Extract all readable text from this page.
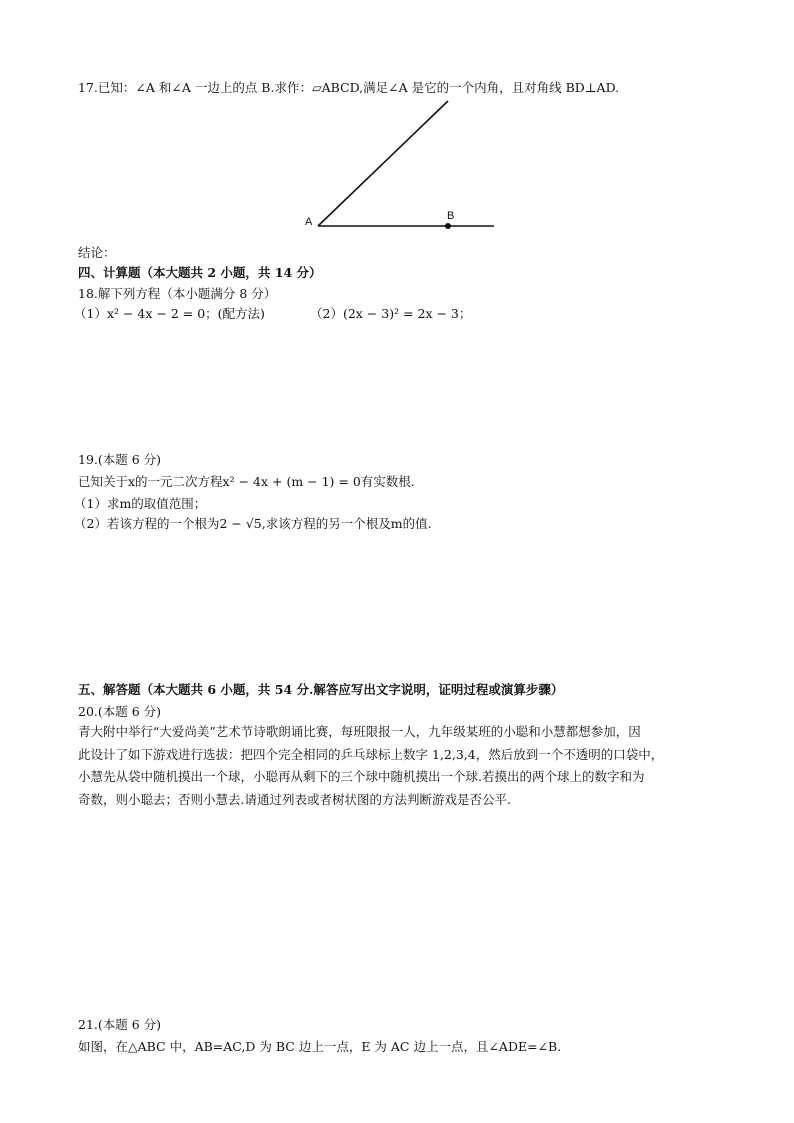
17.已知：∠A 和∠A 一边上的点 B.求作：▱ABCD,满足∠A 是它的一个内角，且对角线 BD⊥AD.
A	B
结论：
四、计算题（本大题共 2 小题，共 14 分）
18.解下列方程（本小题满分 8 分）
（1）x² − 4x − 2 = 0；(配方法)	（2）(2x − 3)² = 2x − 3；
19.(本题 6 分)
已知关于x的一元二次方程x² − 4x + (m − 1) = 0有实数根.
（1）求m的取值范围；
（2）若该方程的一个根为2 − √5,求该方程的另一个根及m的值.
五、解答题（本大题共 6 小题，共 54 分.解答应写出文字说明，证明过程或演算步骤）
20.(本题 6 分)
青大附中举行“大爱尚美”艺术节诗歌朗诵比赛，每班限报一人，九年级某班的小聪和小慧都想参加，因
此设计了如下游戏进行选拔：把四个完全相同的乒乓球标上数字 1,2,3,4，然后放到一个不透明的口袋中，
小慧先从袋中随机摸出一个球，小聪再从剩下的三个球中随机摸出一个球.若摸出的两个球上的数字和为
奇数，则小聪去；否则小慧去.请通过列表或者树状图的方法判断游戏是否公平.
21.(本题 6 分)
如图，在△ABC 中，AB=AC,D 为 BC 边上一点，E 为 AC 边上一点，且∠ADE=∠B.
